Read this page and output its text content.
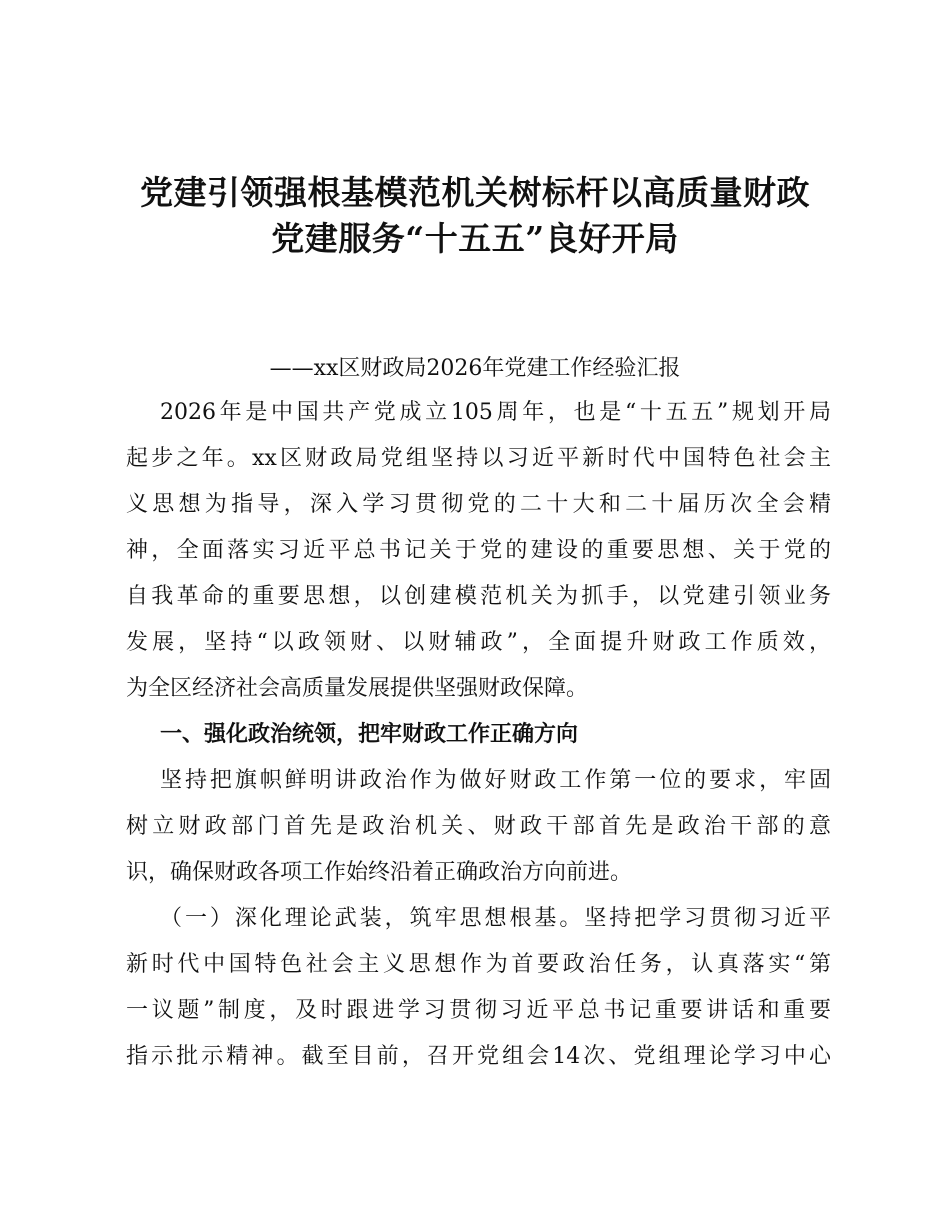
党建引领强根基模范机关树标杆以高质量财政
党建服务“十五五”良好开局
——xx区财政局2026年党建工作经验汇报
2026年是中国共产党成立105周年，也是“十五五”规划开局
起步之年。xx区财政局党组坚持以习近平新时代中国特色社会主
义思想为指导，深入学习贯彻党的二十大和二十届历次全会精
神，全面落实习近平总书记关于党的建设的重要思想、关于党的
自我革命的重要思想，以创建模范机关为抓手，以党建引领业务
发展，坚持“以政领财、以财辅政”，全面提升财政工作质效，
为全区经济社会高质量发展提供坚强财政保障。
一、强化政治统领，把牢财政工作正确方向
坚持把旗帜鲜明讲政治作为做好财政工作第一位的要求，牢固
树立财政部门首先是政治机关、财政干部首先是政治干部的意
识，确保财政各项工作始终沿着正确政治方向前进。
（一）深化理论武装，筑牢思想根基。坚持把学习贯彻习近平
新时代中国特色社会主义思想作为首要政治任务，认真落实“第
一议题”制度，及时跟进学习贯彻习近平总书记重要讲话和重要
指示批示精神。截至目前，召开党组会14次、党组理论学习中心
